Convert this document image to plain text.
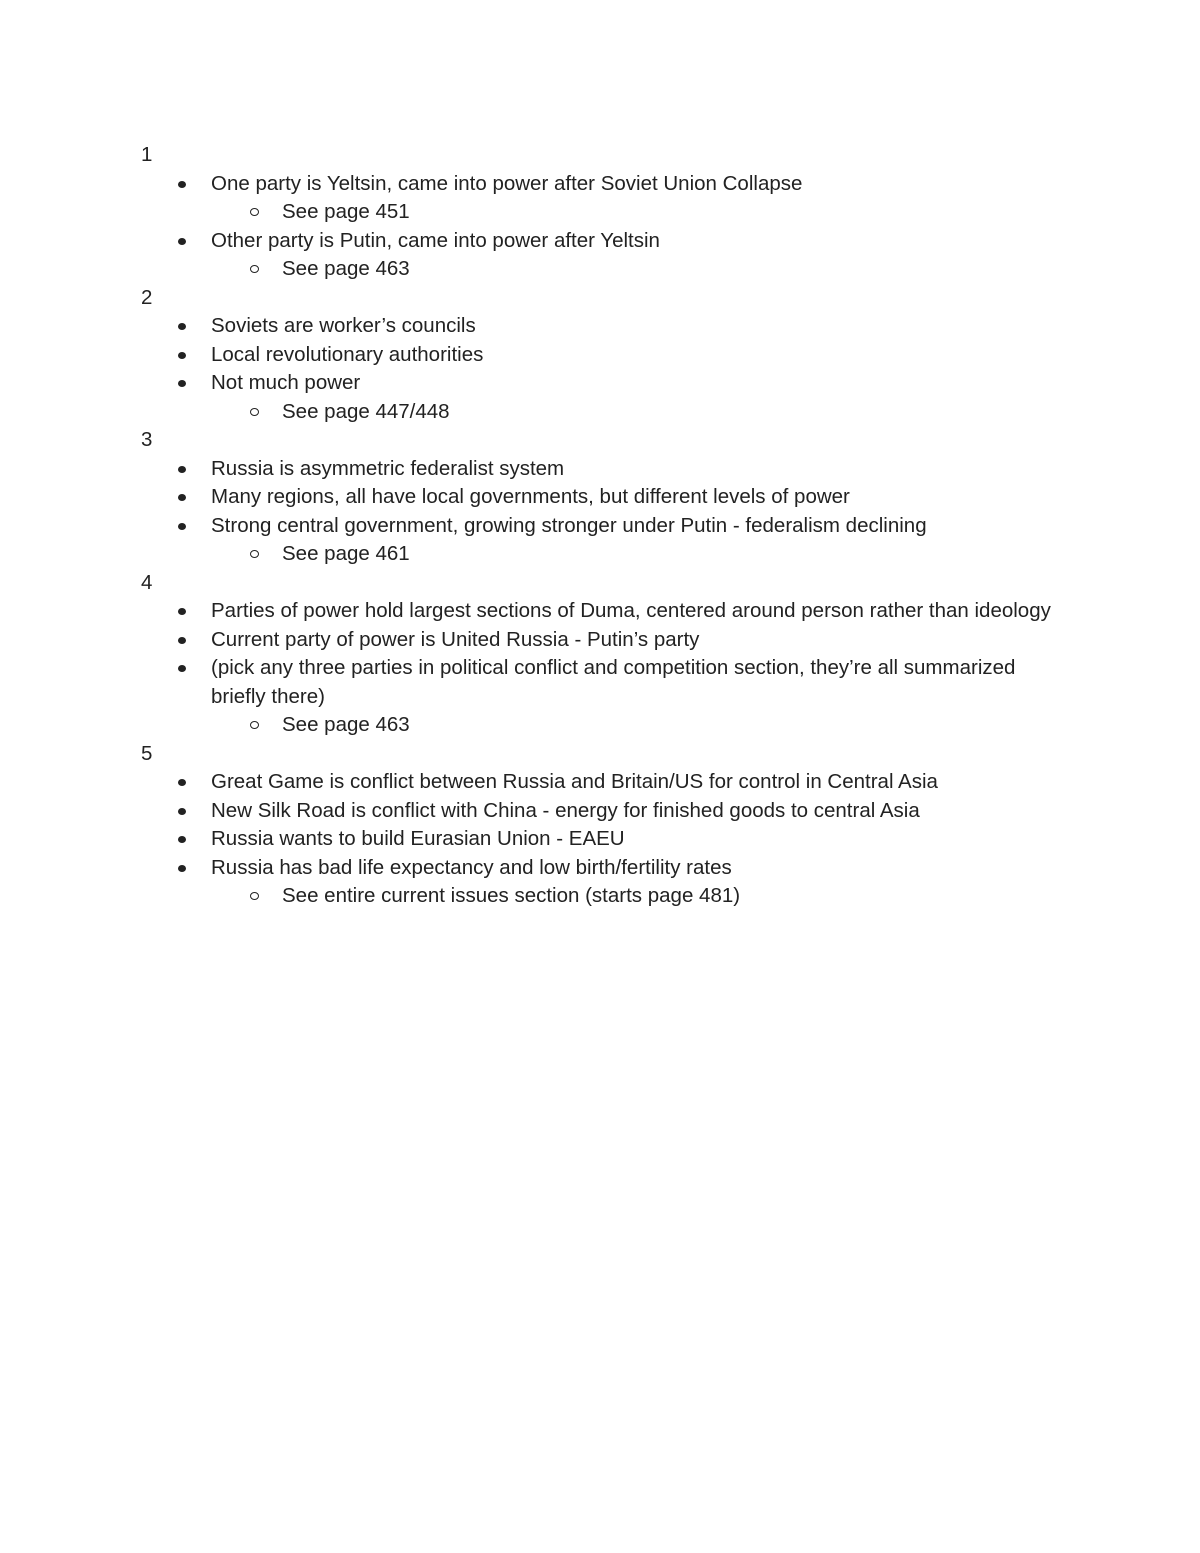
1
One party is Yeltsin, came into power after Soviet Union Collapse
See page 451
Other party is Putin, came into power after Yeltsin
See page 463
2
Soviets are worker’s councils
Local revolutionary authorities
Not much power
See page 447/448
3
Russia is asymmetric federalist system
Many regions, all have local governments, but different levels of power
Strong central government, growing stronger under Putin - federalism declining
See page 461
4
Parties of power hold largest sections of Duma, centered around person rather than ideology
Current party of power is United Russia - Putin’s party
(pick any three parties in political conflict and competition section, they’re all summarized briefly there)
See page 463
5
Great Game is conflict between Russia and Britain/US for control in Central Asia
New Silk Road is conflict with China - energy for finished goods to central Asia
Russia wants to build Eurasian Union - EAEU
Russia has bad life expectancy and low birth/fertility rates
See entire current issues section (starts page 481)
